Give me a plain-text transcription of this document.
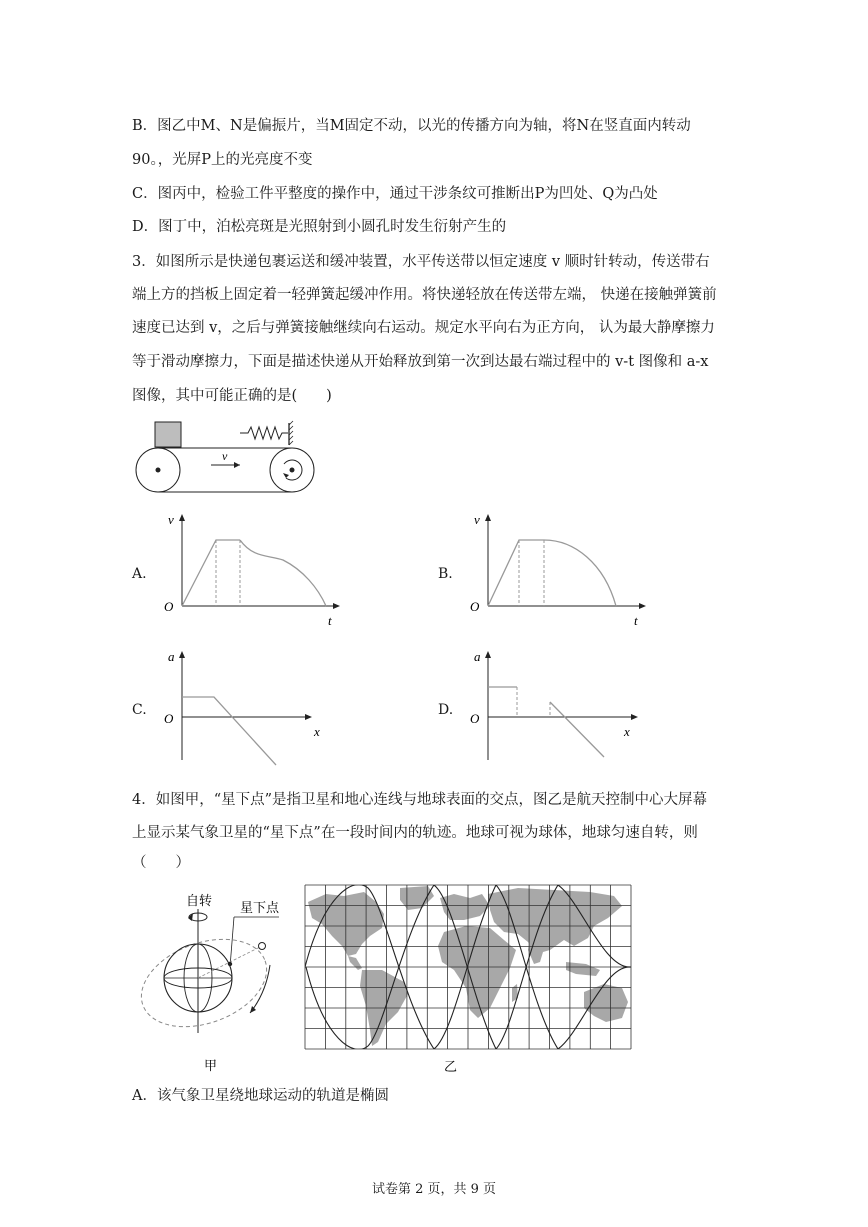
B．图乙中M、N是偏振片，当M固定不动，以光的传播方向为轴，将N在竖直面内转动
90。，光屏P上的光亮度不变
C．图丙中，检验工件平整度的操作中，通过干涉条纹可推断出P为凹处、Q为凸处
D．图丁中，泊松亮斑是光照射到小圆孔时发生衍射产生的
3．如图所示是快递包裹运送和缓冲装置，水平传送带以恒定速度 v 顺时针转动，传送带右
端上方的挡板上固定着一轻弹簧起缓冲作用。将快递轻放在传送带左端， 快递在接触弹簧前
速度已达到 v，之后与弹簧接触继续向右运动。规定水平向右为正方向， 认为最大静摩擦力
等于滑动摩擦力，下面是描述快递从开始释放到第一次到达最右端过程中的 v-t 图像和 a-x
图像，其中可能正确的是(　　)
v
A.
v
t
O
B.
v
t
O
C.
a
x
O
D.
a
x
O
4．如图甲，“星下点”是指卫星和地心连线与地球表面的交点，图乙是航天控制中心大屏幕
上显示某气象卫星的“星下点”在一段时间内的轨迹。地球可视为球体，地球匀速自转，则
（　　）
自转 星下点
甲	乙
A．该气象卫星绕地球运动的轨道是椭圆
试卷第 2 页，共 9 页
